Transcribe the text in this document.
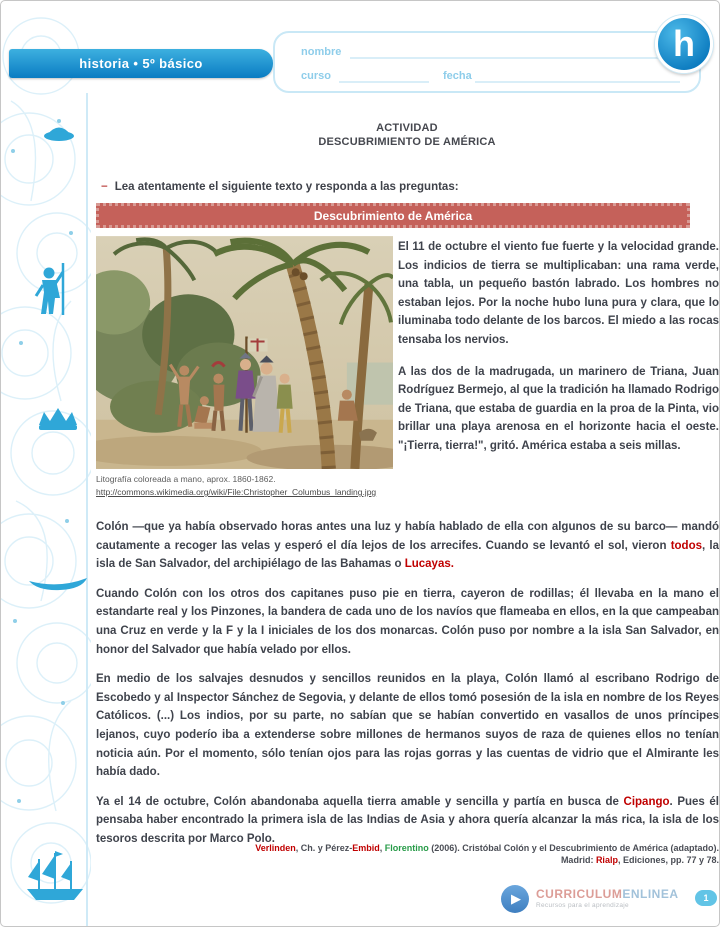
historia • 5º básico
nombre
curso	fecha
h
ACTIVIDAD
DESCUBRIMIENTO DE AMÉRICA
− Lea atentamente el siguiente texto y responda a las preguntas:
Descubrimiento de América
Litografía coloreada a mano, aprox. 1860-1862.
http://commons.wikimedia.org/wiki/File:Christopher_Columbus_landing.jpg

El 11 de octubre el viento fue fuerte y la velocidad grande. Los indicios de tierra se multiplicaban: una rama verde, una tabla, un pequeño bastón labrado. Los hombres no estaban lejos. Por la noche hubo luna pura y clara, que lo iluminaba todo delante de los barcos. El miedo a las rocas tensaba los nervios.

A las dos de la madrugada, un marinero de Triana, Juan Rodríguez Bermejo, al que la tradición ha llamado Rodrigo de Triana, que estaba de guardia en la proa de la Pinta, vio brillar una playa arenosa en el horizonte hacia el oeste. "¡Tierra, tierra!", gritó. América estaba a seis millas.

Colón —que ya había observado horas antes una luz y había hablado de ella con algunos de su barco— mandó cautamente a recoger las velas y esperó el día lejos de los arrecifes. Cuando se levantó el sol, vieron todos, la isla de San Salvador, del archipiélago de las Bahamas o Lucayas.

Cuando Colón con los otros dos capitanes puso pie en tierra, cayeron de rodillas; él llevaba en la mano el estandarte real y los Pinzones, la bandera de cada uno de los navíos que flameaba en ellos, en la que campeaban una Cruz en verde y la F y la I iniciales de los dos monarcas. Colón puso por nombre a la isla San Salvador, en honor del Salvador que había velado por ellos.

En medio de los salvajes desnudos y sencillos reunidos en la playa, Colón llamó al escribano Rodrigo de Escobedo y al Inspector Sánchez de Segovia, y delante de ellos tomó posesión de la isla en nombre de los Reyes Católicos. (...) Los indios, por su parte, no sabían que se habían convertido en vasallos de unos príncipes lejanos, cuyo poderío iba a extenderse sobre millones de hermanos suyos de raza de quienes ellos no tenían noticia aún. Por el momento, sólo tenían ojos para las rojas gorras y las cuentas de vidrio que el Almirante les había dado.

Ya el 14 de octubre, Colón abandonaba aquella tierra amable y sencilla y partía en busca de Cipango. Pues él pensaba haber encontrado la primera isla de las Indias de Asia y ahora quería alcanzar la más rica, la isla de los tesoros descrita por Marco Polo.

Verlinden, Ch. y Pérez-Embid, Florentino (2006). Cristóbal Colón y el Descubrimiento de América (adaptado).
Madrid: Rialp, Ediciones, pp. 77 y 78.
▶	CURRICULUMENLINEA
Recursos para el aprendizaje
1
